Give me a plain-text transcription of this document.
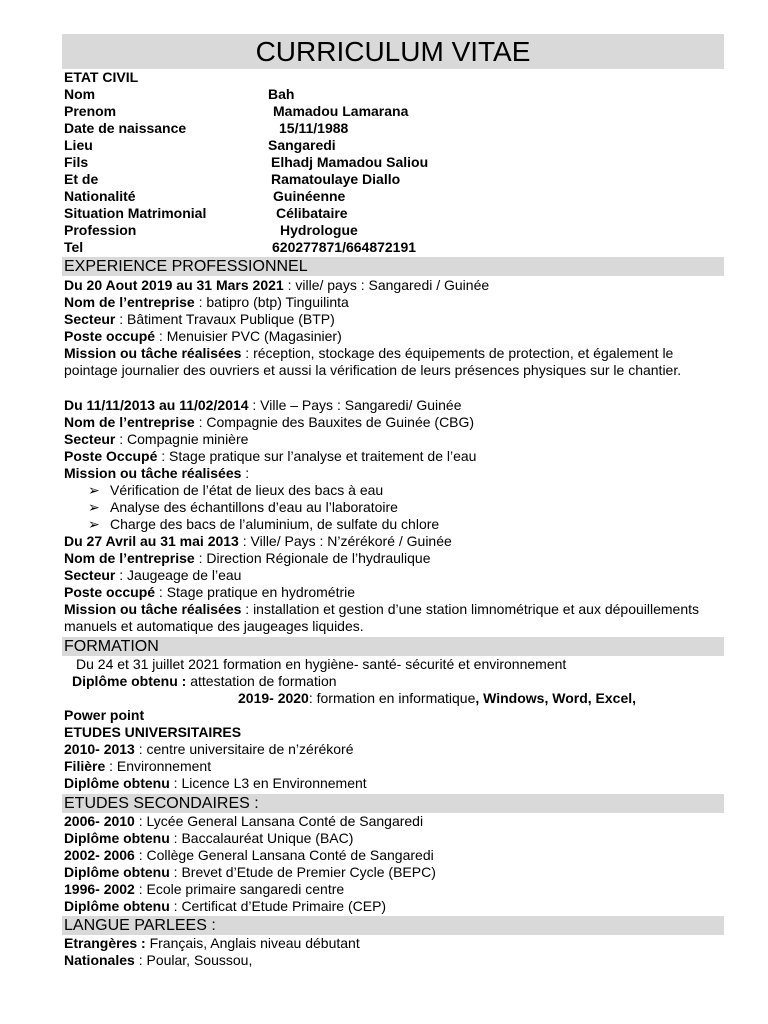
CURRICULUM VITAE
ETAT CIVIL
Nom	Bah
Prenom	Mamadou Lamarana
Date de naissance	15/11/1988
Lieu	Sangaredi
Fils	Elhadj Mamadou Saliou
Et de	Ramatoulaye Diallo
Nationalité	Guinéenne
Situation Matrimonial	Célibataire
Profession	Hydrologue
Tel	620277871/664872191
EXPERIENCE PROFESSIONNEL
Du 20 Aout 2019 au 31 Mars 2021 : ville/ pays : Sangaredi / Guinée
Nom de l’entreprise : batipro (btp) Tinguilinta
Secteur : Bâtiment Travaux Publique (BTP)
Poste occupé : Menuisier PVC (Magasinier)
Mission ou tâche réalisées : réception, stockage des équipements de protection, et également le pointage journalier des ouvriers et aussi la vérification de leurs présences physiques sur le chantier.
Du 11/11/2013 au 11/02/2014 : Ville – Pays : Sangaredi/ Guinée
Nom de l’entreprise : Compagnie des Bauxites de Guinée (CBG)
Secteur : Compagnie minière
Poste Occupé : Stage pratique sur l’analyse et traitement de l’eau
Mission ou tâche réalisées :
➢ Vérification de l’état de lieux des bacs à eau
➢ Analyse des échantillons d’eau au l’laboratoire
➢ Charge des bacs de l’aluminium, de sulfate du chlore
Du 27 Avril au 31 mai 2013 : Ville/ Pays : N’zérékoré / Guinée
Nom de l’entreprise : Direction Régionale de l’hydraulique
Secteur : Jaugeage de l’eau
Poste occupé : Stage pratique en hydrométrie
Mission ou tâche réalisées : installation et gestion d’une station limnométrique et aux dépouillements manuels et automatique des jaugeages liquides.
FORMATION
Du 24 et 31 juillet 2021 formation en hygiène- santé- sécurité et environnement
Diplôme obtenu : attestation de formation
2019- 2020: formation en informatique, Windows, Word, Excel,
Power point
ETUDES UNIVERSITAIRES
2010- 2013 : centre universitaire de n’zérékoré
Filière : Environnement
Diplôme obtenu : Licence L3 en Environnement
ETUDES SECONDAIRES :
2006- 2010 : Lycée General Lansana Conté de Sangaredi
Diplôme obtenu : Baccalauréat Unique (BAC)
2002- 2006 : Collège General Lansana Conté de Sangaredi
Diplôme obtenu : Brevet d’Etude de Premier Cycle (BEPC)
1996- 2002 : Ecole primaire sangaredi centre
Diplôme obtenu : Certificat d’Etude Primaire (CEP)
LANGUE PARLEES :
Etrangères : Français, Anglais niveau débutant
Nationales : Poular, Soussou,
